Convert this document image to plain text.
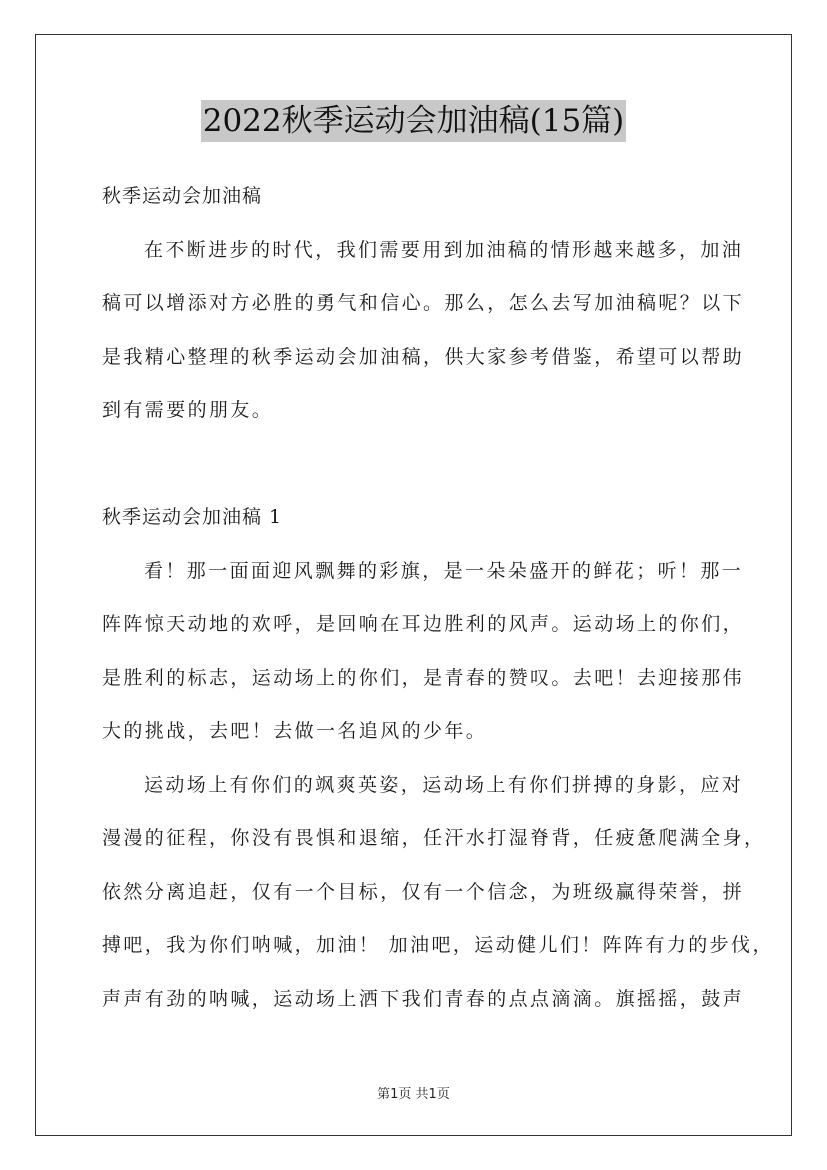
2022秋季运动会加油稿(15篇)
秋季运动会加油稿
在不断进步的时代，我们需要用到加油稿的情形越来越多，加油
稿可以增添对方必胜的勇气和信心。那么，怎么去写加油稿呢？以下
是我精心整理的秋季运动会加油稿，供大家参考借鉴，希望可以帮助
到有需要的朋友。
秋季运动会加油稿 1
看！那一面面迎风飘舞的彩旗，是一朵朵盛开的鲜花；听！那一
阵阵惊天动地的欢呼，是回响在耳边胜利的风声。运动场上的你们，
是胜利的标志，运动场上的你们，是青春的赞叹。去吧！去迎接那伟
大的挑战，去吧！去做一名追风的少年。
运动场上有你们的飒爽英姿，运动场上有你们拼搏的身影，应对
漫漫的征程，你没有畏惧和退缩，任汗水打湿脊背，任疲惫爬满全身，
依然分离追赶，仅有一个目标，仅有一个信念，为班级赢得荣誉，拼
搏吧，我为你们呐喊，加油！ 加油吧，运动健儿们！阵阵有力的步伐，
声声有劲的呐喊，运动场上洒下我们青春的点点滴滴。旗摇摇，鼓声
第1页 共1页
